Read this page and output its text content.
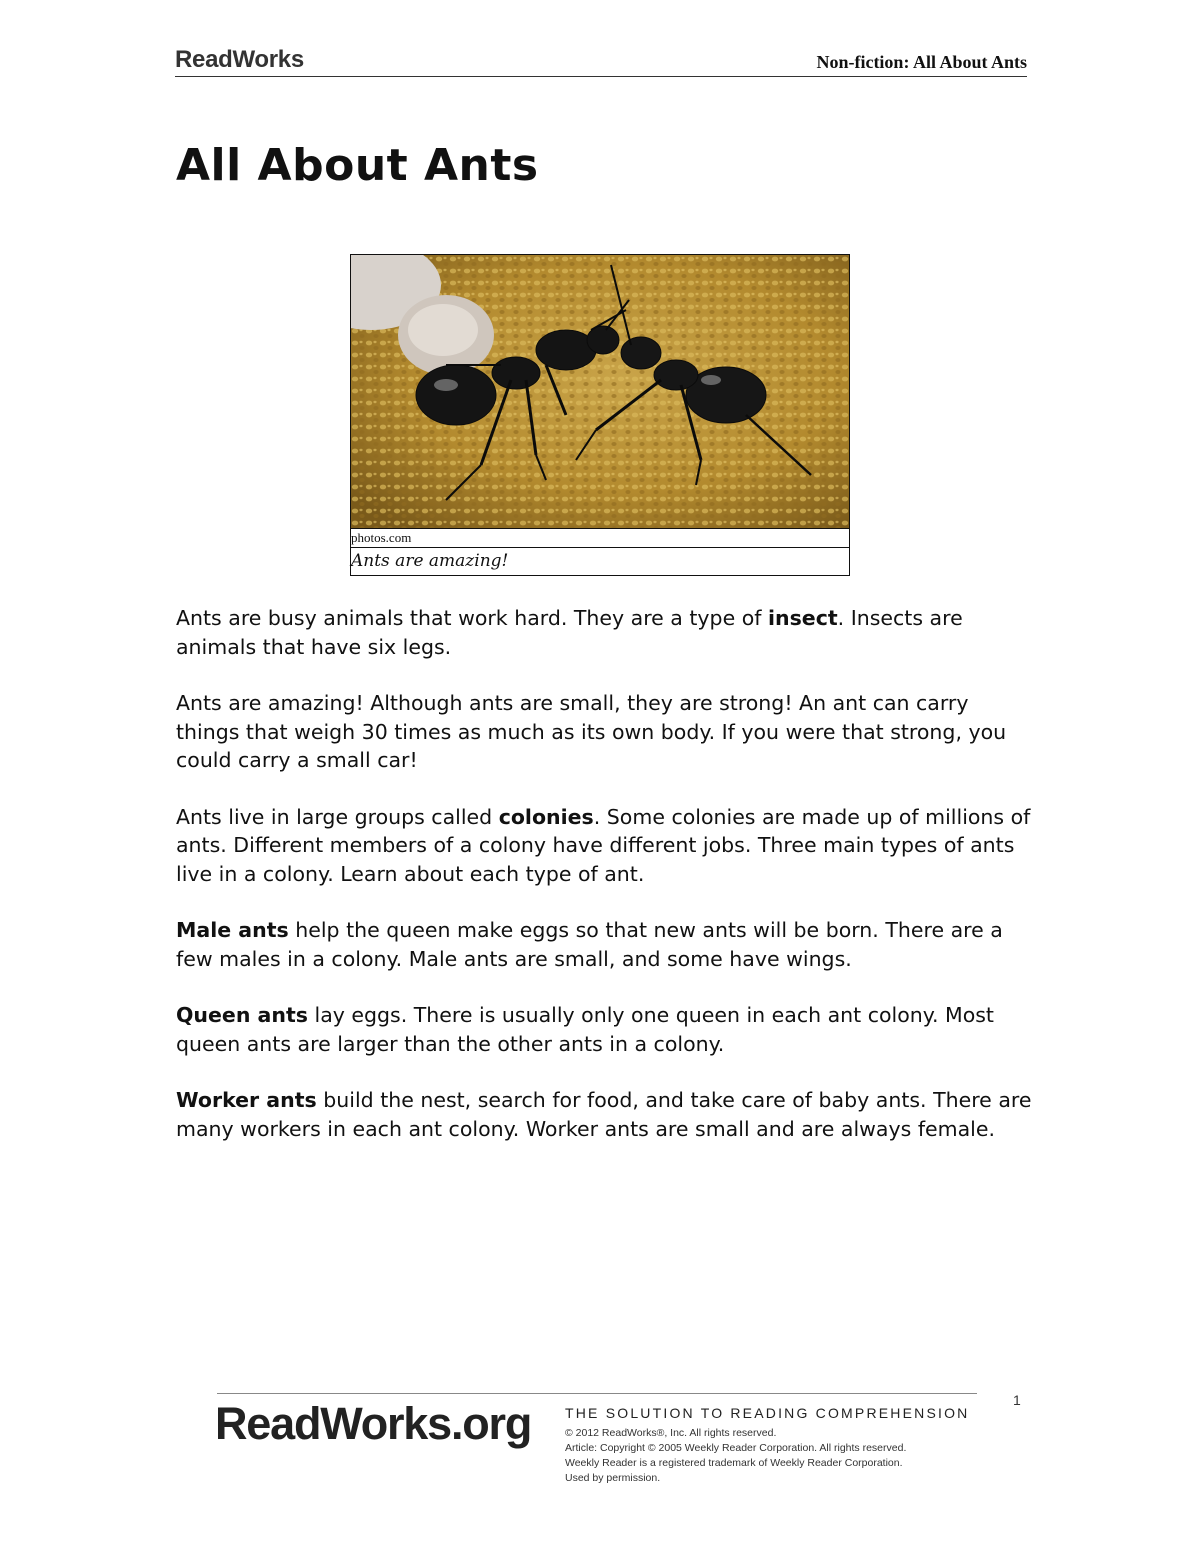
ReadWorks	Non-fiction: All About Ants
All About Ants
photos.com
Ants are amazing!

Ants are busy animals that work hard. They are a type of insect. Insects are animals that have six legs.

Ants are amazing! Although ants are small, they are strong! An ant can carry things that weigh 30 times as much as its own body. If you were that strong, you could carry a small car!

Ants live in large groups called colonies. Some colonies are made up of millions of ants. Different members of a colony have different jobs. Three main types of ants live in a colony. Learn about each type of ant.

Male ants help the queen make eggs so that new ants will be born. There are a few males in a colony. Male ants are small, and some have wings.

Queen ants lay eggs. There is usually only one queen in each ant colony. Most queen ants are larger than the other ants in a colony.

Worker ants build the nest, search for food, and take care of baby ants. There are many workers in each ant colony. Worker ants are small and are always female.

ReadWorks.org THE SOLUTION TO READING COMPREHENSION
© 2012 ReadWorks®, Inc. All rights reserved.
Article: Copyright © 2005 Weekly Reader Corporation. All rights reserved.
Weekly Reader is a registered trademark of Weekly Reader Corporation.
Used by permission.
1
